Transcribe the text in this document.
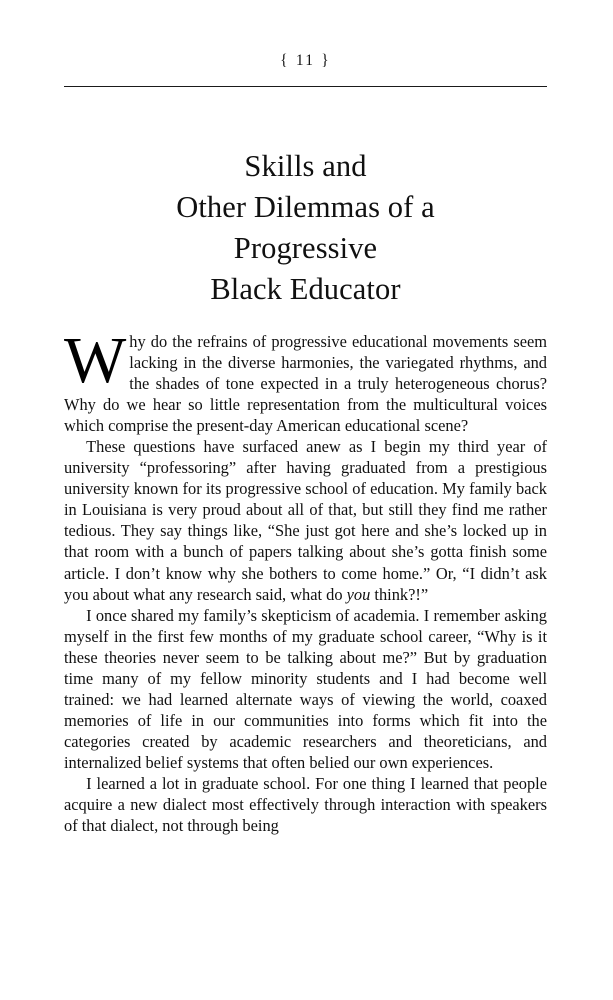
{ 11 }
Skills and
Other Dilemmas of a
Progressive
Black Educator

Why do the refrains of progressive educational movements seem lacking in the diverse harmonies, the variegated rhythms, and the shades of tone expected in a truly heterogeneous chorus? Why do we hear so little representation from the multicultural voices which comprise the present-day American educational scene?

These questions have surfaced anew as I begin my third year of university “professoring” after having graduated from a prestigious university known for its progressive school of education. My family back in Louisiana is very proud about all of that, but still they find me rather tedious. They say things like, “She just got here and she’s locked up in that room with a bunch of papers talking about she’s gotta finish some article. I don’t know why she bothers to come home.” Or, “I didn’t ask you about what any research said, what do you think?!”

I once shared my family’s skepticism of academia. I remember asking myself in the first few months of my graduate school career, “Why is it these theories never seem to be talking about me?” But by graduation time many of my fellow minority students and I had become well trained: we had learned alternate ways of viewing the world, coaxed memories of life in our communities into forms which fit into the categories created by academic researchers and theoreticians, and internalized belief systems that often belied our own experiences.

I learned a lot in graduate school. For one thing I learned that people acquire a new dialect most effectively through interaction with speakers of that dialect, not through being
